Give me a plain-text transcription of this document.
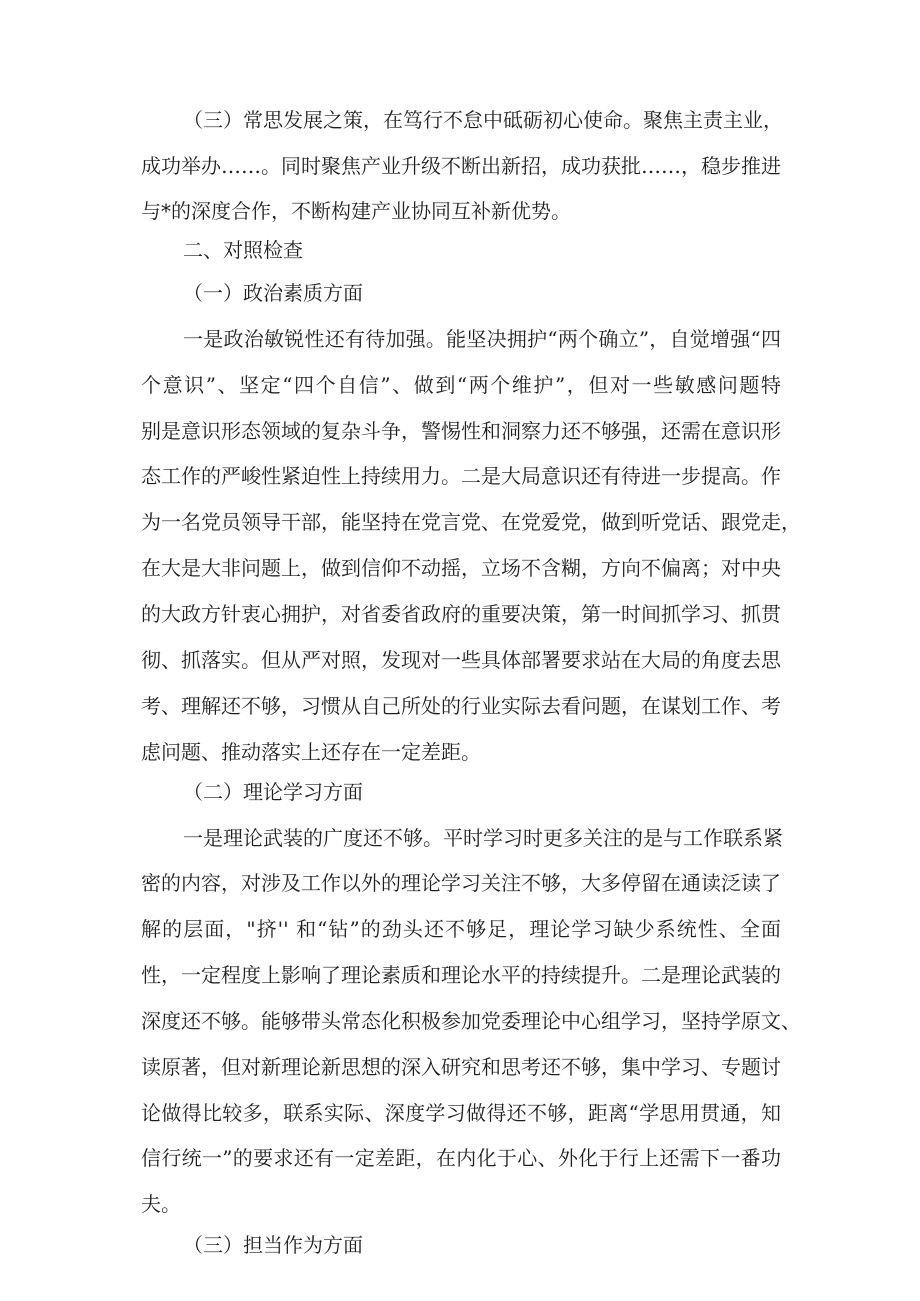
（三）常思发展之策，在笃行不怠中砥砺初心使命。聚焦主责主业，
成功举办……。同时聚焦产业升级不断出新招，成功获批……，稳步推进
与*的深度合作，不断构建产业协同互补新优势。
二、对照检查
（一）政治素质方面
一是政治敏锐性还有待加强。能坚决拥护“两个确立”，自觉增强“四
个意识”、坚定“四个自信”、做到“两个维护”，但对一些敏感问题特
别是意识形态领域的复杂斗争，警惕性和洞察力还不够强，还需在意识形
态工作的严峻性紧迫性上持续用力。二是大局意识还有待进一步提高。作
为一名党员领导干部，能坚持在党言党、在党爱党，做到听党话、跟党走，
在大是大非问题上，做到信仰不动摇，立场不含糊，方向不偏离；对中央
的大政方针衷心拥护，对省委省政府的重要决策，第一时间抓学习、抓贯
彻、抓落实。但从严对照，发现对一些具体部署要求站在大局的角度去思
考、理解还不够，习惯从自己所处的行业实际去看问题，在谋划工作、考
虑问题、推动落实上还存在一定差距。
（二）理论学习方面
一是理论武装的广度还不够。平时学习时更多关注的是与工作联系紧
密的内容，对涉及工作以外的理论学习关注不够，大多停留在通读泛读了
解的层面，"挤'' 和“钻”的劲头还不够足，理论学习缺少系统性、全面
性，一定程度上影响了理论素质和理论水平的持续提升。二是理论武装的
深度还不够。能够带头常态化积极参加党委理论中心组学习，坚持学原文、
读原著，但对新理论新思想的深入研究和思考还不够，集中学习、专题讨
论做得比较多，联系实际、深度学习做得还不够，距离“学思用贯通，知
信行统一”的要求还有一定差距，在内化于心、外化于行上还需下一番功
夫。
（三）担当作为方面
